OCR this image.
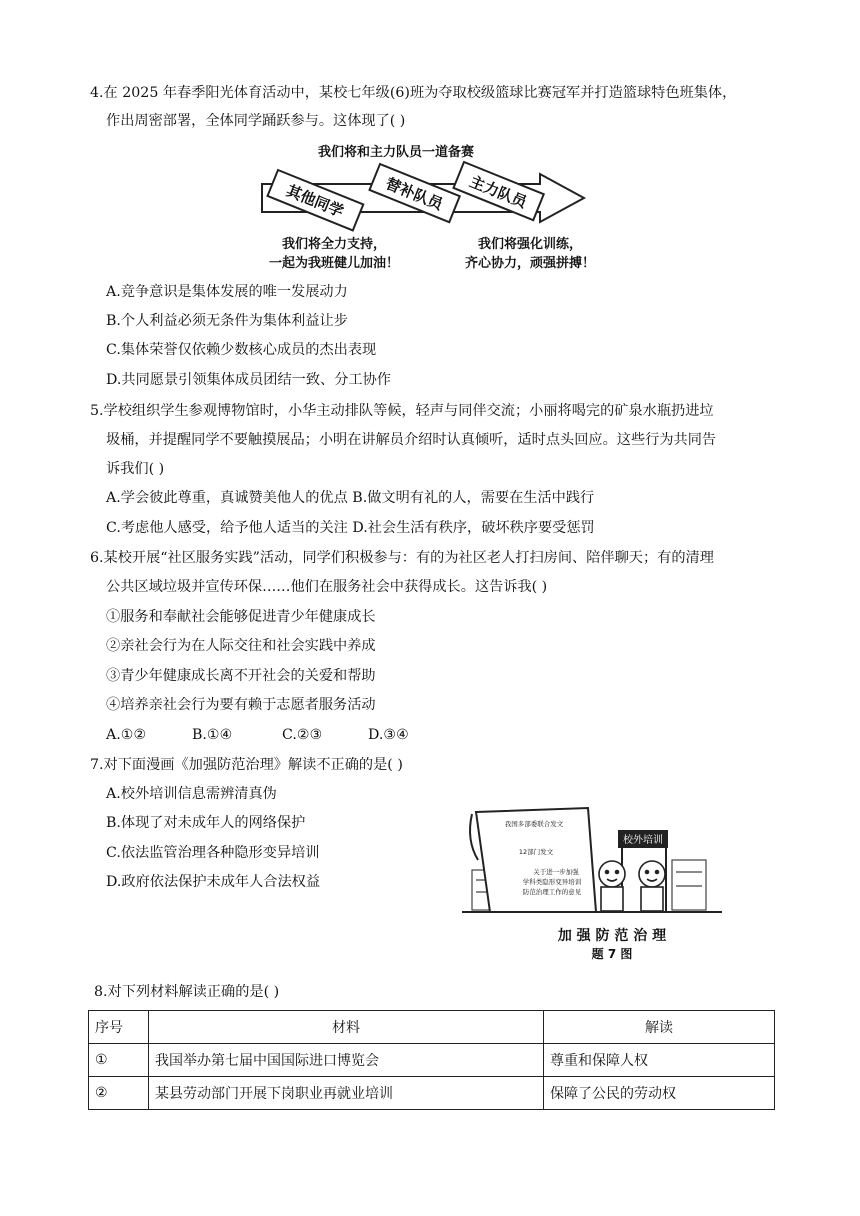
4.在 2025 年春季阳光体育活动中，某校七年级(6)班为夺取校级篮球比赛冠军并打造篮球特色班集体，
作出周密部署，全体同学踊跃参与。这体现了( )
我们将和主力队员一道备赛
其他同学 替补队员 主力队员
我们将全力支持，
一起为我班健儿加油！
我们将强化训练，
齐心协力，顽强拼搏！
A.竞争意识是集体发展的唯一发展动力
B.个人利益必须无条件为集体利益让步
C.集体荣誉仅依赖少数核心成员的杰出表现
D.共同愿景引领集体成员团结一致、分工协作
5.学校组织学生参观博物馆时，小华主动排队等候，轻声与同伴交流；小丽将喝完的矿泉水瓶扔进垃
圾桶，并提醒同学不要触摸展品；小明在讲解员介绍时认真倾听，适时点头回应。这些行为共同告
诉我们( )
A.学会彼此尊重，真诚赞美他人的优点 B.做文明有礼的人，需要在生活中践行
C.考虑他人感受，给予他人适当的关注 D.社会生活有秩序，破坏秩序要受惩罚
6.某校开展“社区服务实践”活动，同学们积极参与：有的为社区老人打扫房间、陪伴聊天；有的清理
公共区域垃圾并宣传环保……他们在服务社会中获得成长。这告诉我( )
①服务和奉献社会能够促进青少年健康成长
②亲社会行为在人际交往和社会实践中养成
③青少年健康成长离不开社会的关爱和帮助
④培养亲社会行为要有赖于志愿者服务活动
A.①②	B.①④	C.②③	D.③④
7.对下面漫画《加强防范治理》解读不正确的是( )
A.校外培训信息需辨清真伪
B.体现了对未成年人的网络保护
C.依法监管治理各种隐形变异培训
D.政府依法保护未成年人合法权益
我国多部委联合发文
12部门发文
关于进一步加强
学科类隐形变异培训
防范治理工作的意见
校外培训
加 强 防 范 治 理
题 7 图
8.对下列材料解读正确的是( )
序号	材料	解读
①	我国举办第七届中国国际进口博览会	尊重和保障人权
②	某县劳动部门开展下岗职业再就业培训	保障了公民的劳动权
